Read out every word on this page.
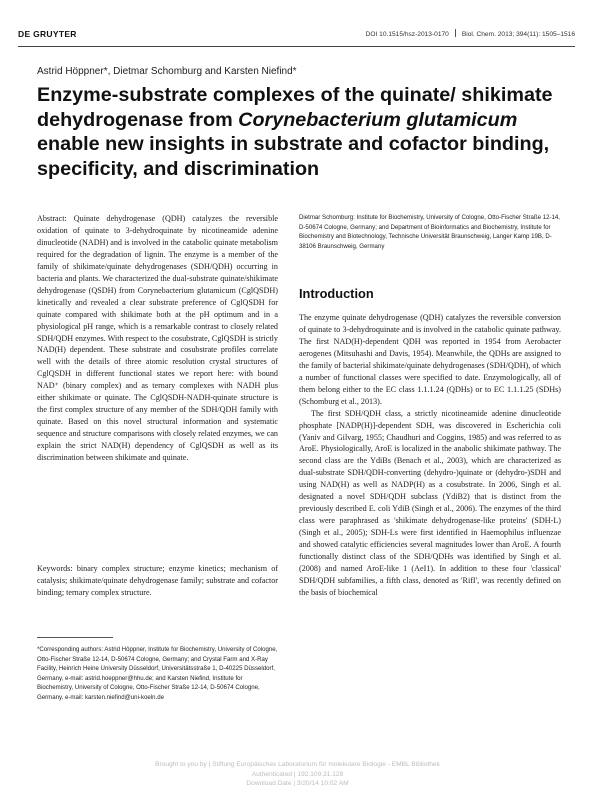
DE GRUYTER	DOI 10.1515/hsz-2013-0170 Biol. Chem. 2013; 394(11): 1505–1516
Astrid Höppner*, Dietmar Schomburg and Karsten Niefind*
Enzyme-substrate complexes of the quinate/ shikimate dehydrogenase from Corynebacterium glutamicum enable new insights in substrate and cofactor binding, specificity, and discrimination
Abstract: Quinate dehydrogenase (QDH) catalyzes the reversible oxidation of quinate to 3-dehydroquinate by nicotineamide adenine dinucleotide (NADH) and is involved in the catabolic quinate metabolism required for the degradation of lignin. The enzyme is a member of the family of shikimate/quinate dehydrogenases (SDH/QDH) occurring in bacteria and plants. We characterized the dual-substrate quinate/shikimate dehydrogenase (QSDH) from Corynebacterium glutamicum (CglQSDH) kinetically and revealed a clear substrate preference of CglQSDH for quinate compared with shikimate both at the pH optimum and in a physiological pH range, which is a remarkable contrast to closely related SDH/QDH enzymes. With respect to the cosubstrate, CglQSDH is strictly NAD(H) dependent. These substrate and cosubstrate profiles correlate well with the details of three atomic resolution crystal structures of CglQSDH in different functional states we report here: with bound NAD⁺ (binary complex) and as ternary complexes with NADH plus either shikimate or quinate. The CglQSDH-NADH-quinate structure is the first complex structure of any member of the SDH/QDH family with quinate. Based on this novel structural information and systematic sequence and structure comparisons with closely related enzymes, we can explain the strict NAD(H) dependency of CglQSDH as well as its discrimination between shikimate and quinate.
Keywords: binary complex structure; enzyme kinetics; mechanism of catalysis; shikimate/quinate dehydrogenase family; substrate and cofactor binding; ternary complex structure.
*Corresponding authors: Astrid Höppner, Institute for Biochemistry, University of Cologne, Otto-Fischer Straße 12-14, D-50674 Cologne, Germany; and Crystal Farm and X-Ray Facility, Heinrich Heine University Düsseldorf, Universitätsstraße 1, D-40225 Düsseldorf, Germany, e-mail: astrid.hoeppner@hhu.de; and Karsten Niefind, Institute for Biochemistry, University of Cologne, Otto-Fischer Straße 12-14, D-50674 Cologne, Germany, e-mail: karsten.niefind@uni-koeln.de
Dietmar Schomburg: Institute for Biochemistry, University of Cologne, Otto-Fischer Straße 12-14, D-50674 Cologne, Germany; and Department of Bioinformatics and Biochemistry, Institute for Biochemistry and Biotechnology, Technische Universität Braunschweig, Langer Kamp 19B, D-38106 Braunschweig, Germany
Introduction

The enzyme quinate dehydrogenase (QDH) catalyzes the reversible conversion of quinate to 3-dehydroquinate and is involved in the catabolic quinate pathway. The first NAD(H)-dependent QDH was reported in 1954 from Aerobacter aerogenes (Mitsuhashi and Davis, 1954). Meanwhile, the QDHs are assigned to the family of bacterial shikimate/quinate dehydrogenases (SDH/QDH), of which a number of functional classes were specified to date. Enzymologically, all of them belong either to the EC class 1.1.1.24 (QDHs) or to EC 1.1.1.25 (SDHs) (Schomburg et al., 2013).

The first SDH/QDH class, a strictly nicotineamide adenine dinucleotide phosphate [NADP(H)]-dependent SDH, was discovered in Escherichia coli (Yaniv and Gilvarg, 1955; Chaudhuri and Coggins, 1985) and was referred to as AroE. Physiologically, AroE is localized in the anabolic shikimate pathway. The second class are the YdiBs (Benach et al., 2003), which are characterized as dual-substrate SDH/QDH-converting (dehydro-)quinate or (dehydro-)SDH and using NAD(H) as well as NADP(H) as a cosubstrate. In 2006, Singh et al. designated a novel SDH/QDH subclass (YdiB2) that is distinct from the previously described E. coli YdiB (Singh et al., 2006). The enzymes of the third class were paraphrased as 'shikimate dehydrogenase-like proteins' (SDH-L) (Singh et al., 2005); SDH-Ls were first identified in Haemophilus influenzae and showed catalytic efficiencies several magnitudes lower than AroE. A fourth functionally distinct class of the SDH/QDHs was identified by Singh et al. (2008) and named AroE-like 1 (AeI1). In addition to these four 'classical' SDH/QDH subfamilies, a fifth class, denoted as 'RifI', was recently defined on the basis of biochemical

Brought to you by | Stiftung Europäisches Laboratorium für molekulare Biologie - EMBL Bibliothek
Authenticated | 192.109.31.128
Download Date | 3/20/14 10:02 AM
